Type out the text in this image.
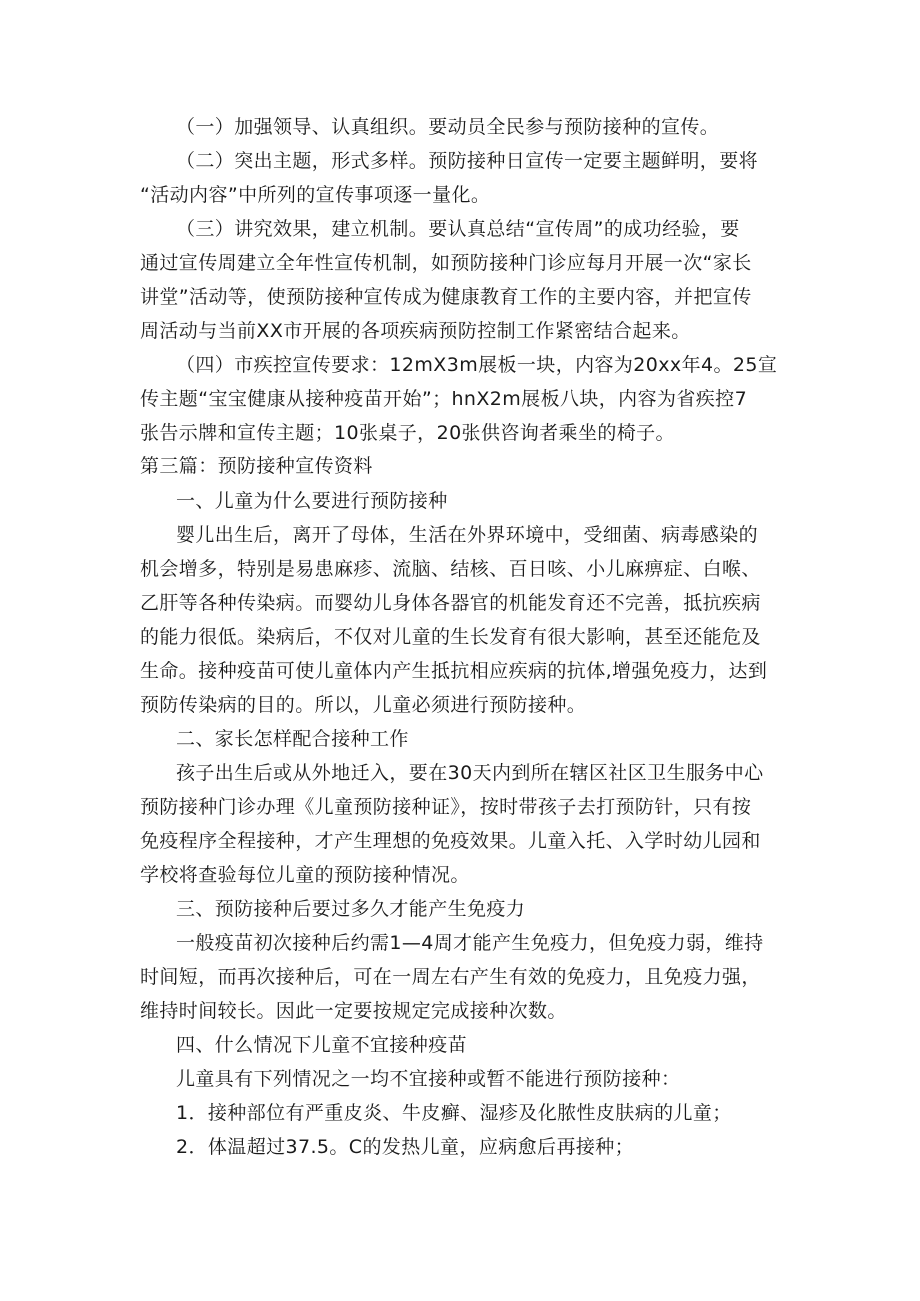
（一）加强领导、认真组织。要动员全民参与预防接种的宣传。
（二）突出主题，形式多样。预防接种日宣传一定要主题鲜明，要将
“活动内容”中所列的宣传事项逐一量化。
（三）讲究效果，建立机制。要认真总结“宣传周”的成功经验，要
通过宣传周建立全年性宣传机制，如预防接种门诊应每月开展一次“家长
讲堂”活动等，使预防接种宣传成为健康教育工作的主要内容，并把宣传
周活动与当前XX市开展的各项疾病预防控制工作紧密结合起来。
（四）市疾控宣传要求：12mX3m展板一块，内容为20xx年4。25宣
传主题“宝宝健康从接种疫苗开始”；hnX2m展板八块，内容为省疾控7
张告示牌和宣传主题；10张桌子，20张供咨询者乘坐的椅子。
第三篇：预防接种宣传资料
一、儿童为什么要进行预防接种
婴儿出生后，离开了母体，生活在外界环境中，受细菌、病毒感染的
机会增多，特别是易患麻疹、流脑、结核、百日咳、小儿麻痹症、白喉、
乙肝等各种传染病。而婴幼儿身体各器官的机能发育还不完善，抵抗疾病
的能力很低。染病后，不仅对儿童的生长发育有很大影响，甚至还能危及
生命。接种疫苗可使儿童体内产生抵抗相应疾病的抗体,增强免疫力，达到
预防传染病的目的。所以，儿童必须进行预防接种。
二、家长怎样配合接种工作
孩子出生后或从外地迁入，要在30天内到所在辖区社区卫生服务中心
预防接种门诊办理《儿童预防接种证》，按时带孩子去打预防针，只有按
免疫程序全程接种，才产生理想的免疫效果。儿童入托、入学时幼儿园和
学校将查验每位儿童的预防接种情况。
三、预防接种后要过多久才能产生免疫力
一般疫苗初次接种后约需1—4周才能产生免疫力，但免疫力弱，维持
时间短，而再次接种后，可在一周左右产生有效的免疫力，且免疫力强，
维持时间较长。因此一定要按规定完成接种次数。
四、什么情况下儿童不宜接种疫苗
儿童具有下列情况之一均不宜接种或暂不能进行预防接种：
1．接种部位有严重皮炎、牛皮癣、湿疹及化脓性皮肤病的儿童；
2．体温超过37.5。C的发热儿童，应病愈后再接种；
